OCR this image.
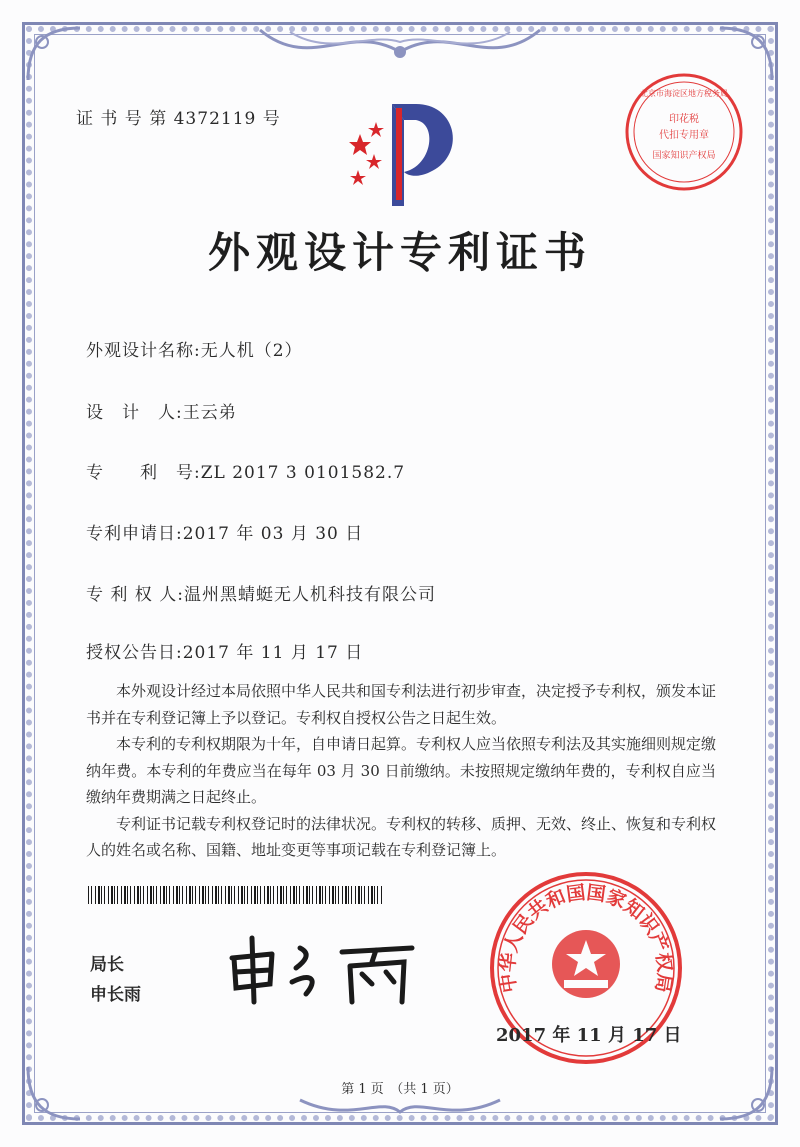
证 书 号 第 4372119 号	印花税
代扣专用章
国家知识产权局
北京市海淀区地方税务局
外观设计专利证书
外观设计名称:无人机（2）
设　计　人:王云弟
专　　利　号:ZL 2017 3 0101582.7
专利申请日:2017 年 03 月 30 日
专 利 权 人:温州黑蜻蜓无人机科技有限公司
授权公告日:2017 年 11 月 17 日

本外观设计经过本局依照中华人民共和国专利法进行初步审查，决定授予专利权，颁发本证书并在专利登记簿上予以登记。专利权自授权公告之日起生效。

本专利的专利权期限为十年，自申请日起算。专利权人应当依照专利法及其实施细则规定缴纳年费。本专利的年费应当在每年 03 月 30 日前缴纳。未按照规定缴纳年费的，专利权自应当缴纳年费期满之日起终止。

专利证书记载专利权登记时的法律状况。专利权的转移、质押、无效、终止、恢复和专利权人的姓名或名称、国籍、地址变更等事项记载在专利登记簿上。

局长
申长雨
中华人民共和国国家知识产权局
2017 年 11 月 17 日
第 1 页　（共 1 页）
